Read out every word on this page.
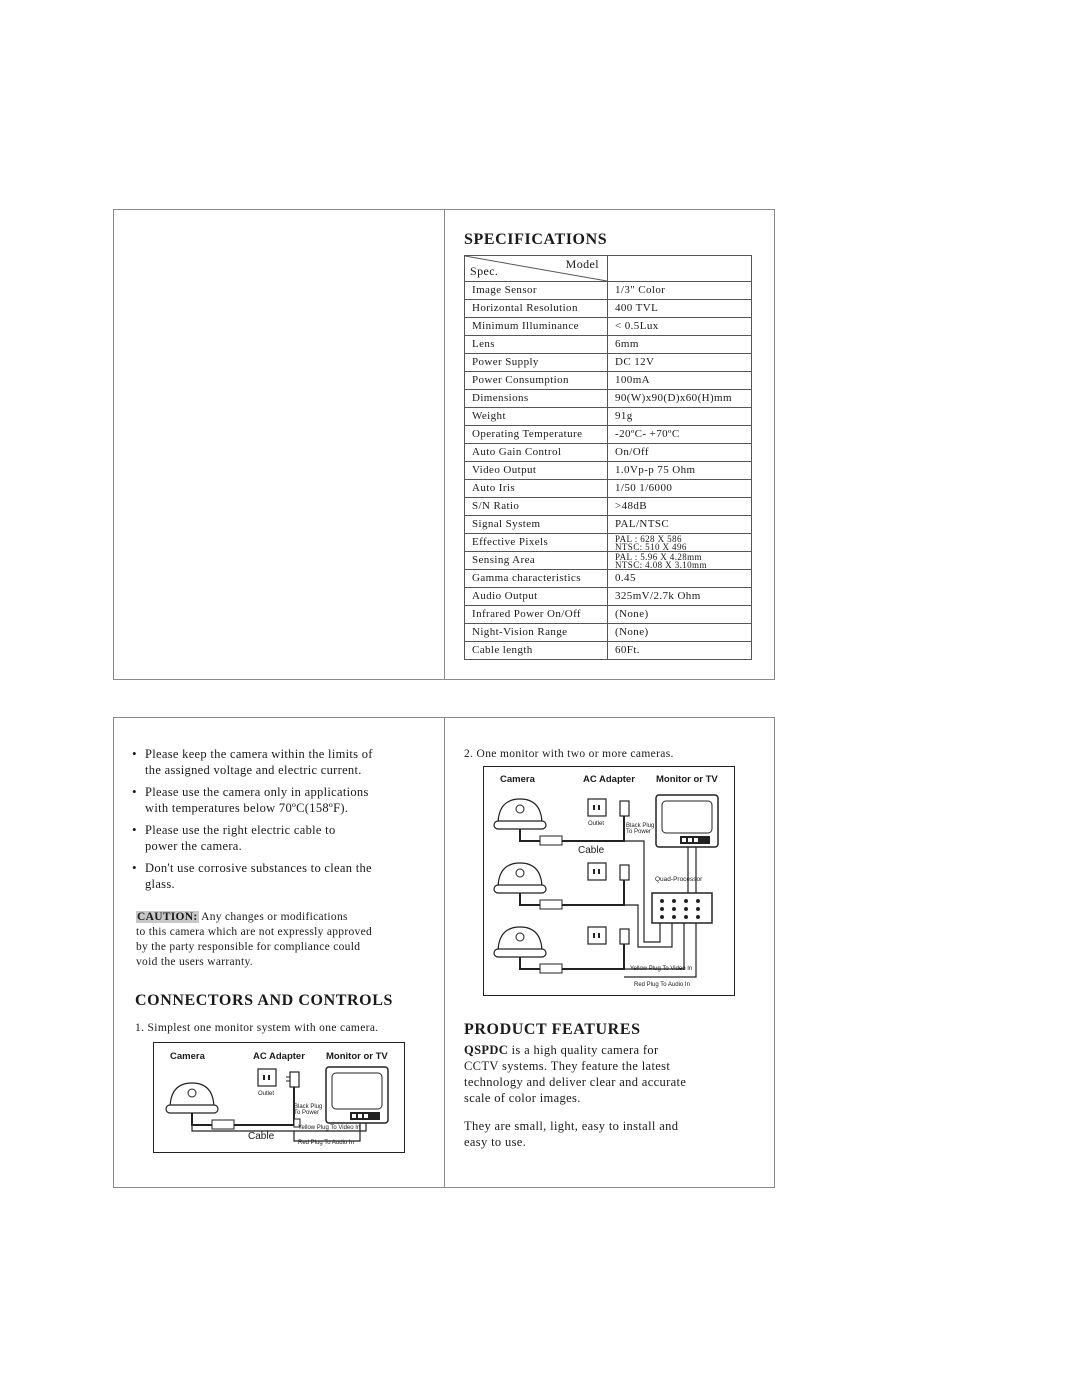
SPECIFICATIONS
Model
Spec.	

Image Sensor	1/3" Color
Horizontal Resolution	400 TVL
Minimum Illuminance	< 0.5Lux
Lens	6mm
Power Supply	DC 12V
Power Consumption	100mA
Dimensions	90(W)x90(D)x60(H)mm
Weight	91g
Operating Temperature	-20ºC- +70ºC
Auto Gain Control	On/Off
Video Output	1.0Vp-p 75 Ohm
Auto Iris	1/50 1/6000
S/N Ratio	>48dB
Signal System	PAL/NTSC
Effective Pixels	PAL : 628 X 586
NTSC: 510 X 496

Sensing Area	PAL : 5.96 X 4.28mm
NTSC: 4.08 X 3.10mm

Gamma characteristics	0.45
Audio Output	325mV/2.7k Ohm
Infrared Power On/Off	(None)
Night-Vision Range	(None)
Cable length	60Ft.
• Please keep the camera within the limits of
the assigned voltage and electric current.
• Please use the camera only in applications
with temperatures below 70ºC(158ºF).
• Please use the right electric cable to
power the camera.
• Don't use corrosive substances to clean the
glass.
CAUTION: Any changes or modifications
to this camera which are not expressly approved
by the party responsible for compliance could
void the users warranty.
CONNECTORS AND CONTROLS
1. Simplest one monitor system with one camera.
Camera	AC Adapter Monitor or TV
Outlet
Black Plug
To Power
Yellow Plug To Video In
Cable
Red Plug To Audio In
2. One monitor with two or more cameras.
Camera	AC Adapter Monitor or TV
Outlet	Black Plug
To Power
Cable
Quad-Processor
Yellow Plug To Video In
Red Plug To Audio In
PRODUCT FEATURES
QSPDC is a high quality camera for
CCTV systems. They feature the latest
technology and deliver clear and accurate
scale of color images.
They are small, light, easy to install and
easy to use.
